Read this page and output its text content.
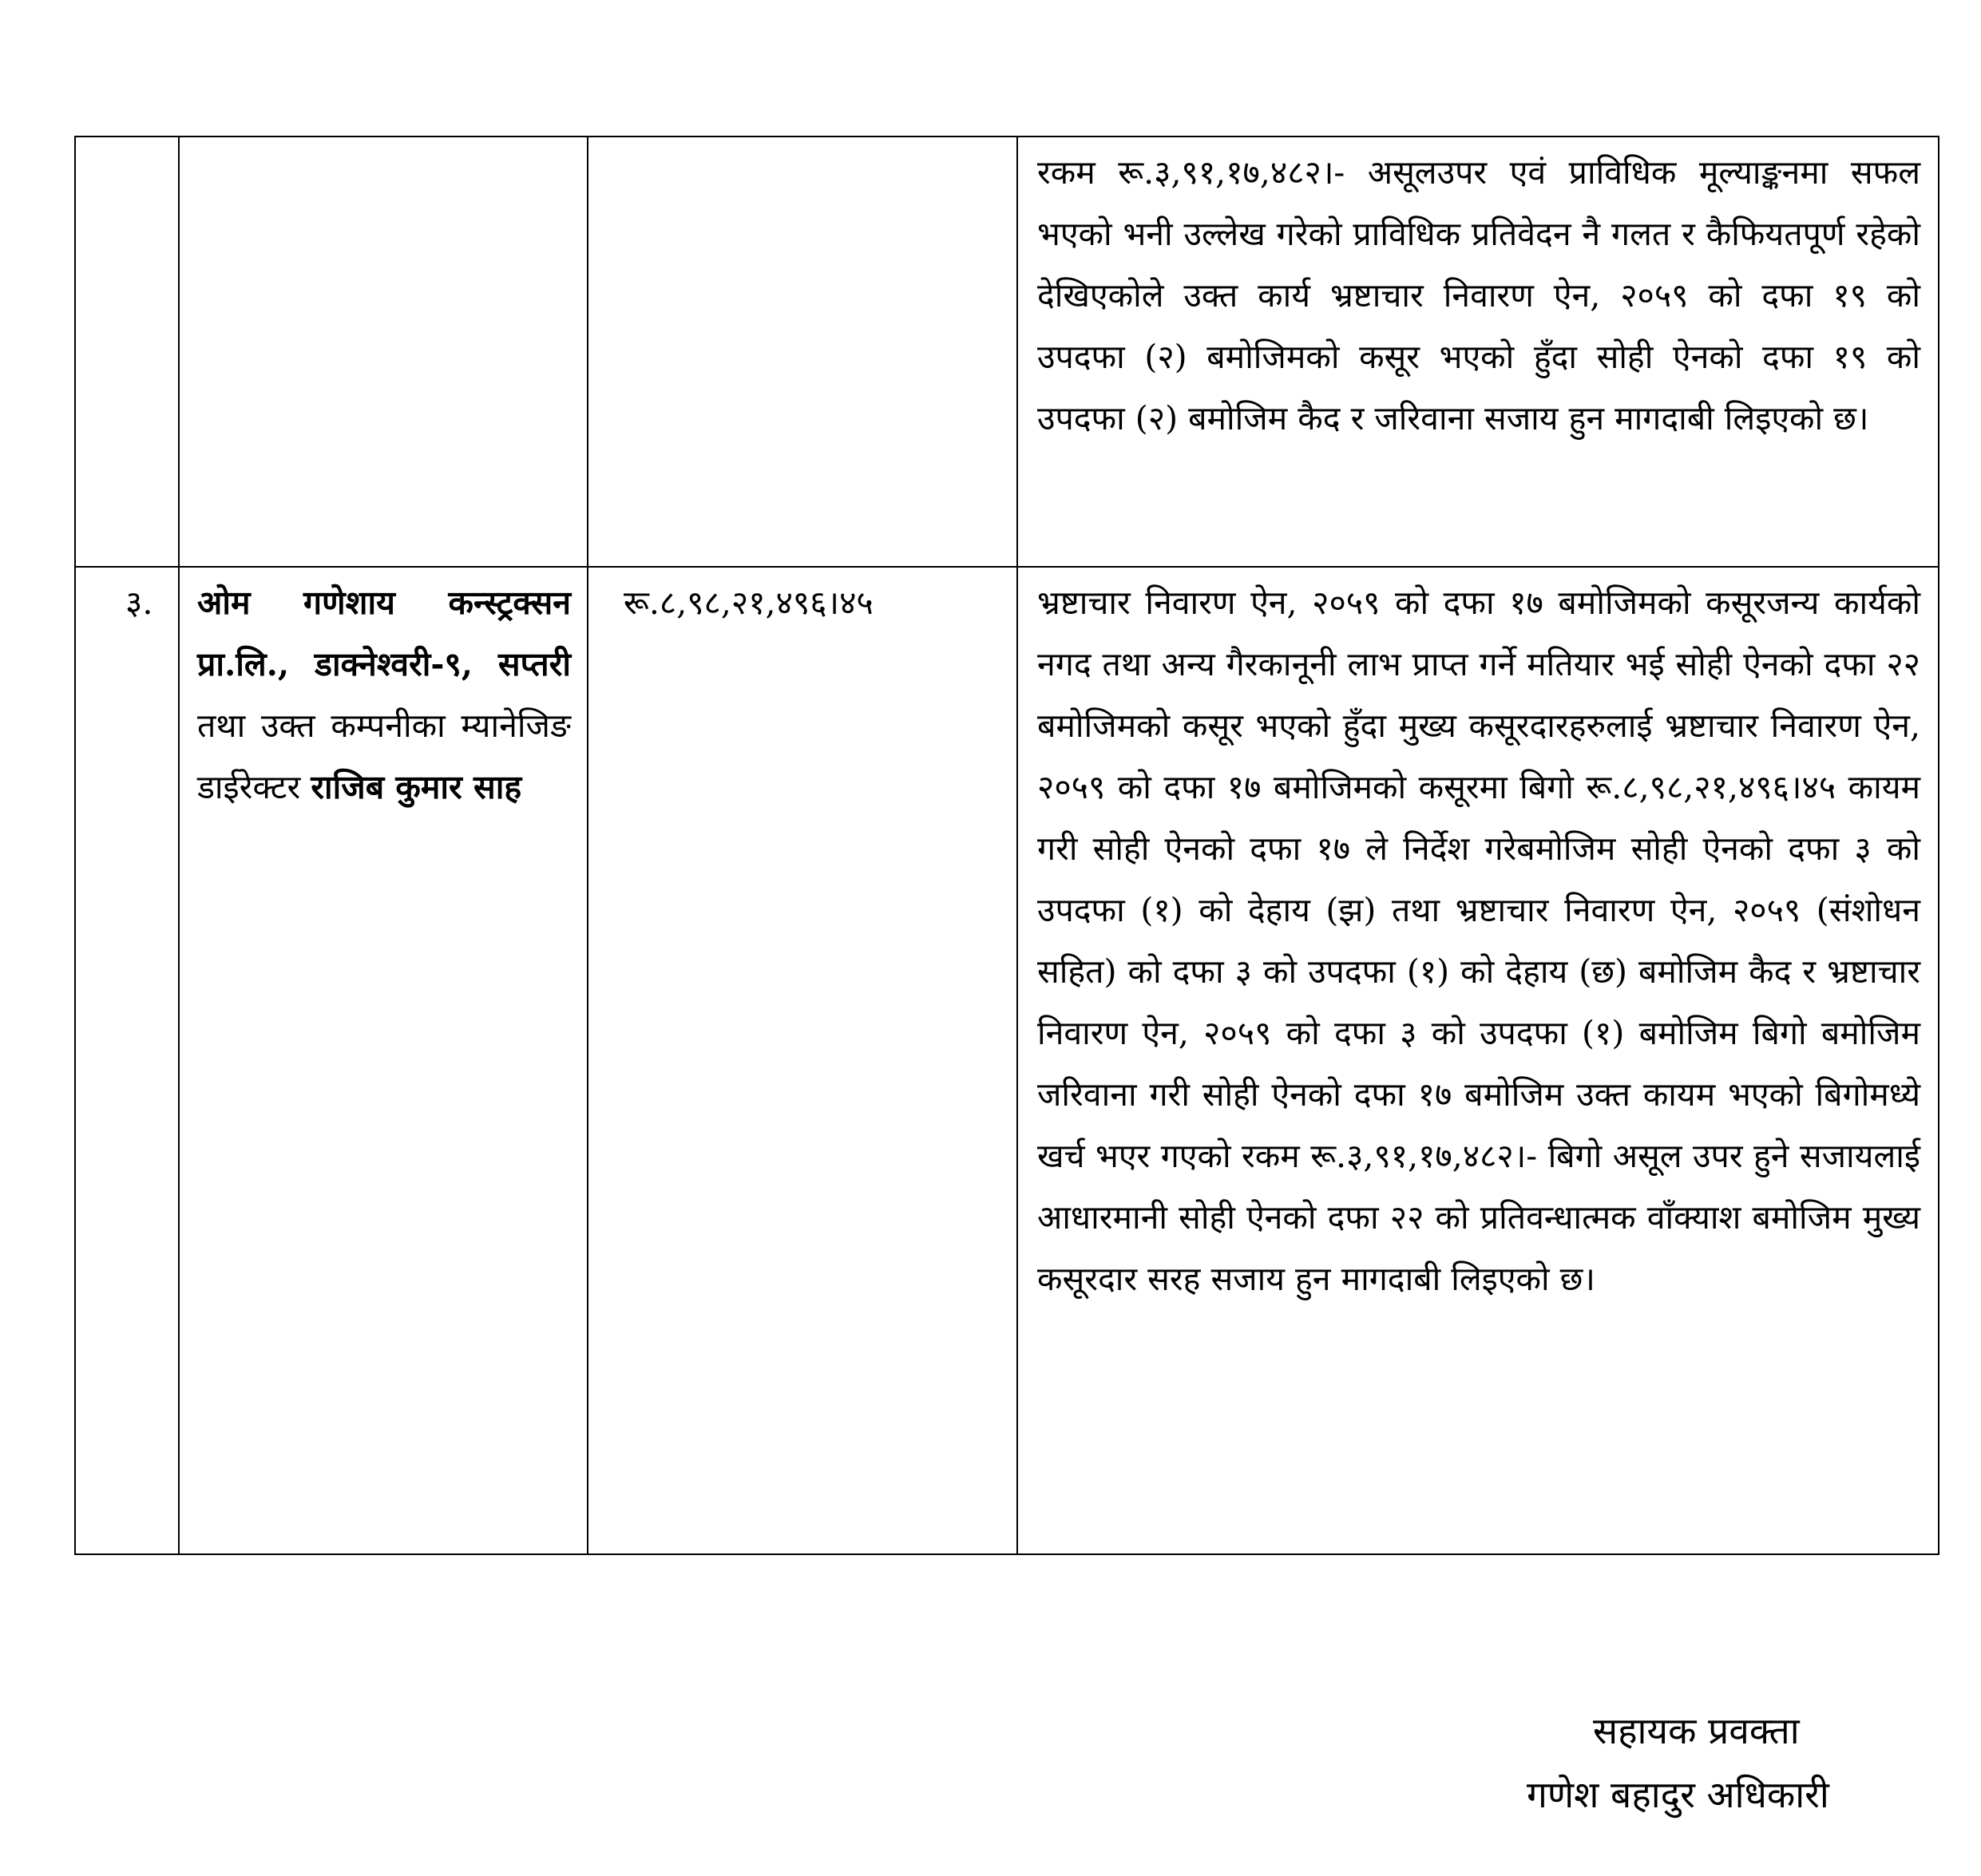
			रकम रू.३,९१,१७,४८२।- असूलउपर एवं प्राविधिक मूल्याङ्कनमा सफल भएको भनी उल्लेख गरेको प्राविधिक प्रतिवेदन नै गलत र कैफियतपूर्ण रहेको देखिएकोले उक्त कार्य भ्रष्टाचार निवारण ऐन, २०५९ को दफा १९ को उपदफा (२) बमोजिमको कसूर भएको हुँदा सोही ऐनको दफा १९ को उपदफा (२) बमोजिम कैद र जरिवाना सजाय हुन मागदाबी लिइएको छ।

३.	ओम गणेशाय कन्स्ट्रक्सन प्रा.लि., डाक्नेश्वरी-९, सप्तरी तथा उक्त कम्पनीका म्यानेजिङ डाईरेक्टर राजिब कुमार साह	रू.८,९८,२१,४९६।४५	भ्रष्टाचार निवारण ऐन, २०५९ को दफा १७ बमोजिमको कसूरजन्य कार्यको नगद तथा अन्य गैरकानूनी लाभ प्राप्त गर्ने मतियार भई सोही ऐनको दफा २२ बमोजिमको कसूर भएको हुँदा मुख्य कसूरदारहरुलाई भ्रष्टाचार निवारण ऐन, २०५९ को दफा १७ बमोजिमको कसूरमा बिगो रू.८,९८,२१,४९६।४५ कायम गरी सोही ऐनको दफा १७ ले निर्देश गरेबमोजिम सोही ऐनको दफा ३ को उपदफा (१) को देहाय (झ) तथा भ्रष्टाचार निवारण ऐन, २०५९ (संशोधन सहित) को दफा ३ को उपदफा (१) को देहाय (छ) बमोजिम कैद र भ्रष्टाचार निवारण ऐन, २०५९ को दफा ३ को उपदफा (१) बमोजिम बिगो बमोजिम जरिवाना गरी सोही ऐनको दफा १७ बमोजिम उक्त कायम भएको बिगोमध्ये खर्च भएर गएको रकम रू.३,९१,१७,४८२।- बिगो असूल उपर हुने सजायलाई आधारमानी सोही ऐनको दफा २२ को प्रतिवन्धात्मक वाँक्याश बमोजिम मुख्य कसूरदार सरह सजाय हुन मागदाबी लिइएको छ।
सहायक प्रवक्ता
गणेश बहादुर अधिकारी
